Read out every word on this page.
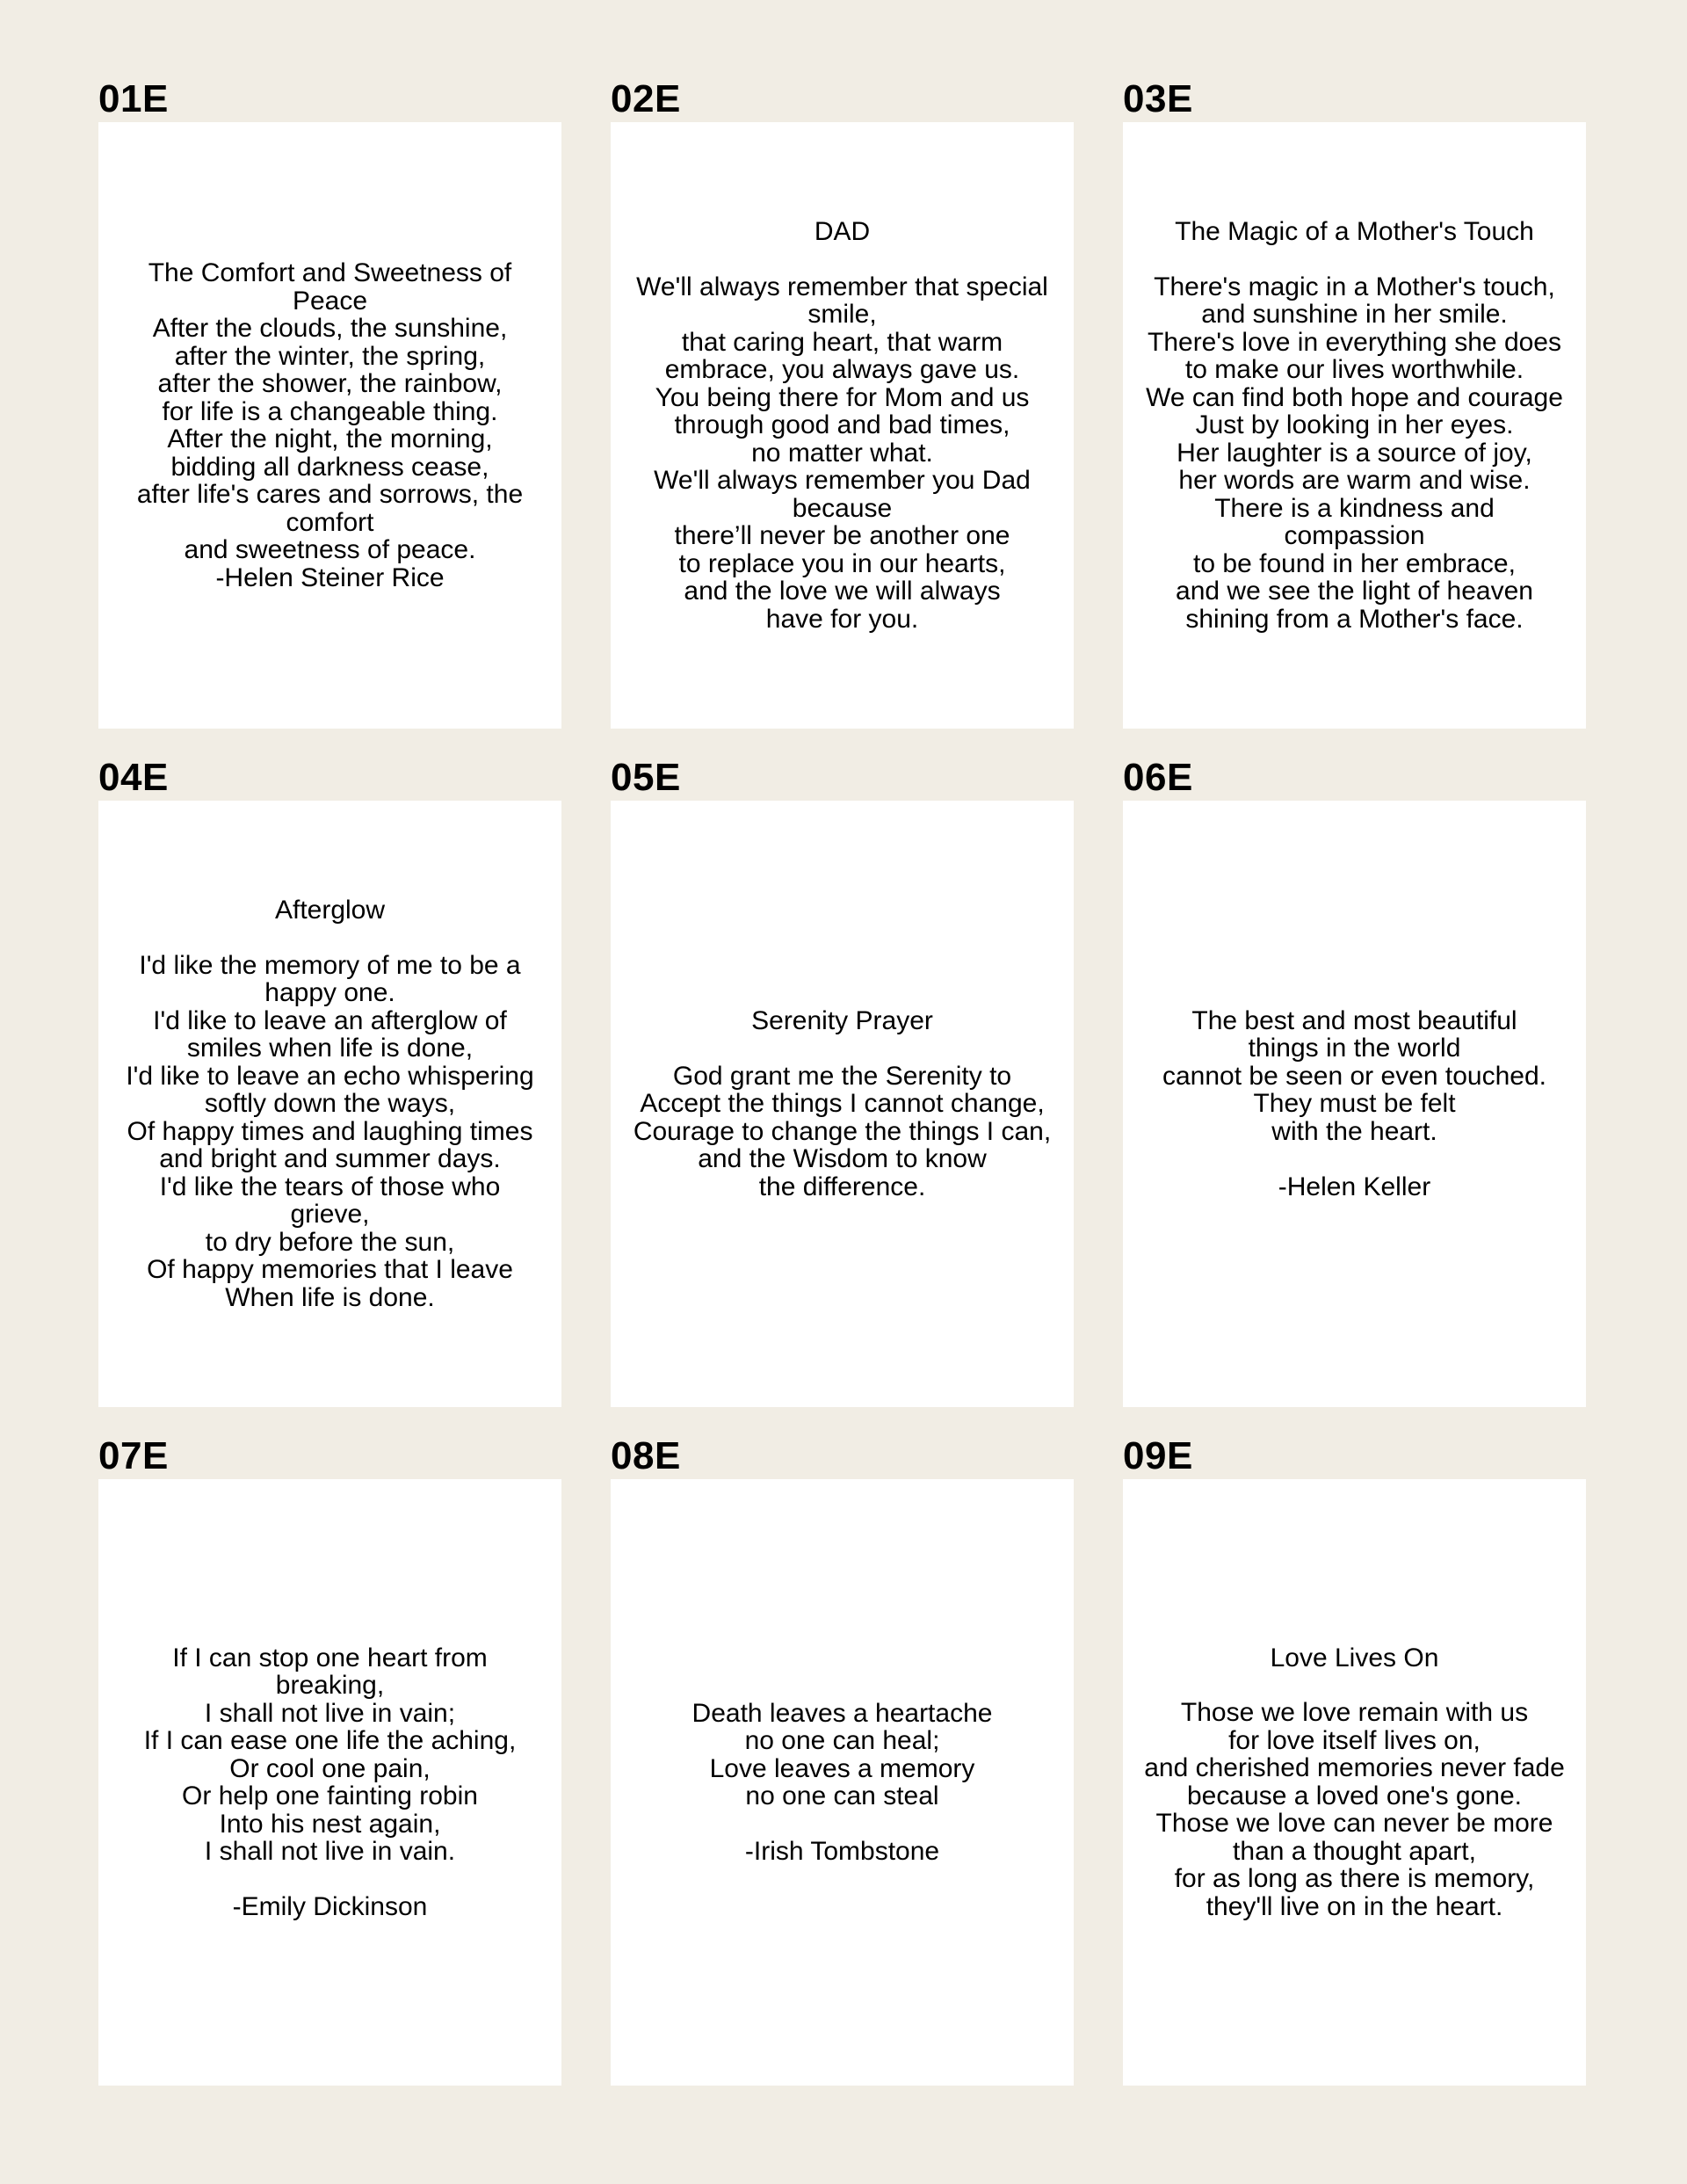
01E

The Comfort and Sweetness of
Peace
After the clouds, the sunshine,
after the winter, the spring,
after the shower, the rainbow,
for life is a changeable thing.
After the night, the morning,
bidding all darkness cease,
after life's cares and sorrows, the
comfort
and sweetness of peace.
-Helen Steiner Rice

02E
DAD

We'll always remember that special
smile,
that caring heart, that warm
embrace, you always gave us.
You being there for Mom and us
through good and bad times,
no matter what.
We'll always remember you Dad
because
there’ll never be another one
to replace you in our hearts,
and the love we will always
have for you.

03E
The Magic of a Mother's Touch

There's magic in a Mother's touch,
and sunshine in her smile.
There's love in everything she does
to make our lives worthwhile.
We can find both hope and courage
Just by looking in her eyes.
Her laughter is a source of joy,
her words are warm and wise.
There is a kindness and
compassion
to be found in her embrace,
and we see the light of heaven
shining from a Mother's face.

04E
Afterglow

I'd like the memory of me to be a
happy one.
I'd like to leave an afterglow of
smiles when life is done,
I'd like to leave an echo whispering
softly down the ways,
Of happy times and laughing times
and bright and summer days.
I'd like the tears of those who
grieve,
to dry before the sun,
Of happy memories that I leave
When life is done.

05E
Serenity Prayer

God grant me the Serenity to
Accept the things I cannot change,
Courage to change the things I can,
and the Wisdom to know
the difference.

06E

The best and most beautiful
things in the world
cannot be seen or even touched.
They must be felt
with the heart.

-Helen Keller

07E

If I can stop one heart from
breaking,
I shall not live in vain;
If I can ease one life the aching,
Or cool one pain,
Or help one fainting robin
Into his nest again,
I shall not live in vain.

-Emily Dickinson

08E

Death leaves a heartache
no one can heal;
Love leaves a memory
no one can steal

-Irish Tombstone

09E
Love Lives On

Those we love remain with us
for love itself lives on,
and cherished memories never fade
because a loved one's gone.
Those we love can never be more
than a thought apart,
for as long as there is memory,
they'll live on in the heart.
